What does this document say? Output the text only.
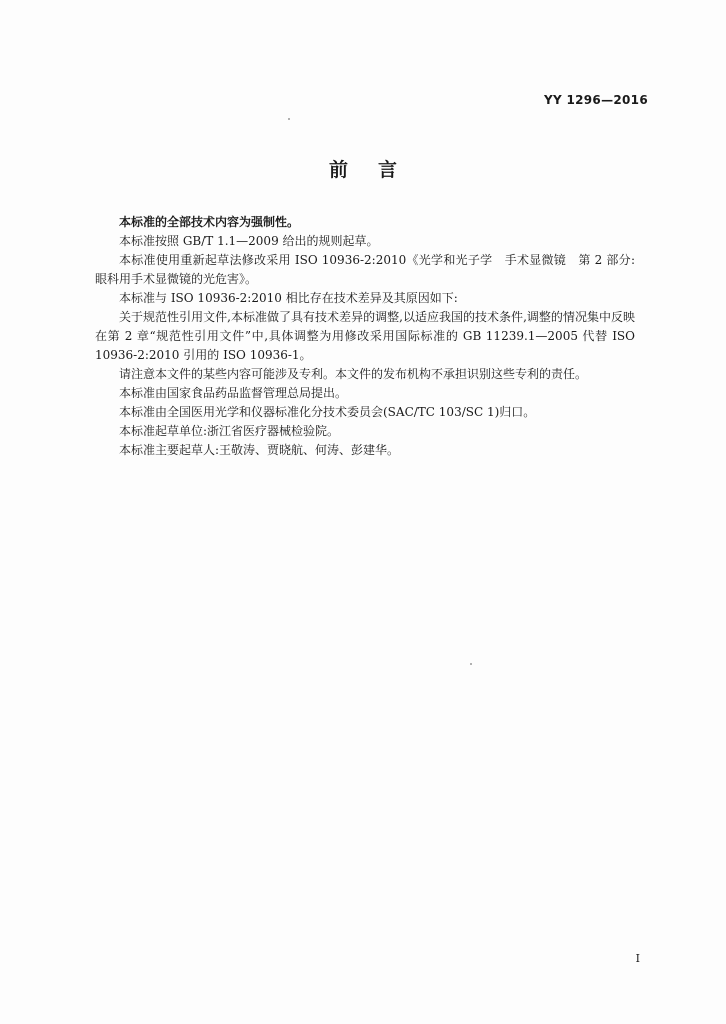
YY 1296—2016
前言

本标准的全部技术内容为强制性。

本标准按照 GB/T 1.1—2009 给出的规则起草。

本标准使用重新起草法修改采用 ISO 10936-2:2010《光学和光子学　手术显微镜　第 2 部分:眼科用手术显微镜的光危害》。

本标准与 ISO 10936-2:2010 相比存在技术差异及其原因如下:

关于规范性引用文件,本标准做了具有技术差异的调整,以适应我国的技术条件,调整的情况集中反映在第 2 章“规范性引用文件”中,具体调整为用修改采用国际标准的 GB 11239.1—2005 代替 ISO 10936-2:2010 引用的 ISO 10936-1。

请注意本文件的某些内容可能涉及专利。本文件的发布机构不承担识别这些专利的责任。

本标准由国家食品药品监督管理总局提出。

本标准由全国医用光学和仪器标准化分技术委员会(SAC/TC 103/SC 1)归口。

本标准起草单位:浙江省医疗器械检验院。

本标准主要起草人:王敬涛、贾晓航、何涛、彭建华。

I
